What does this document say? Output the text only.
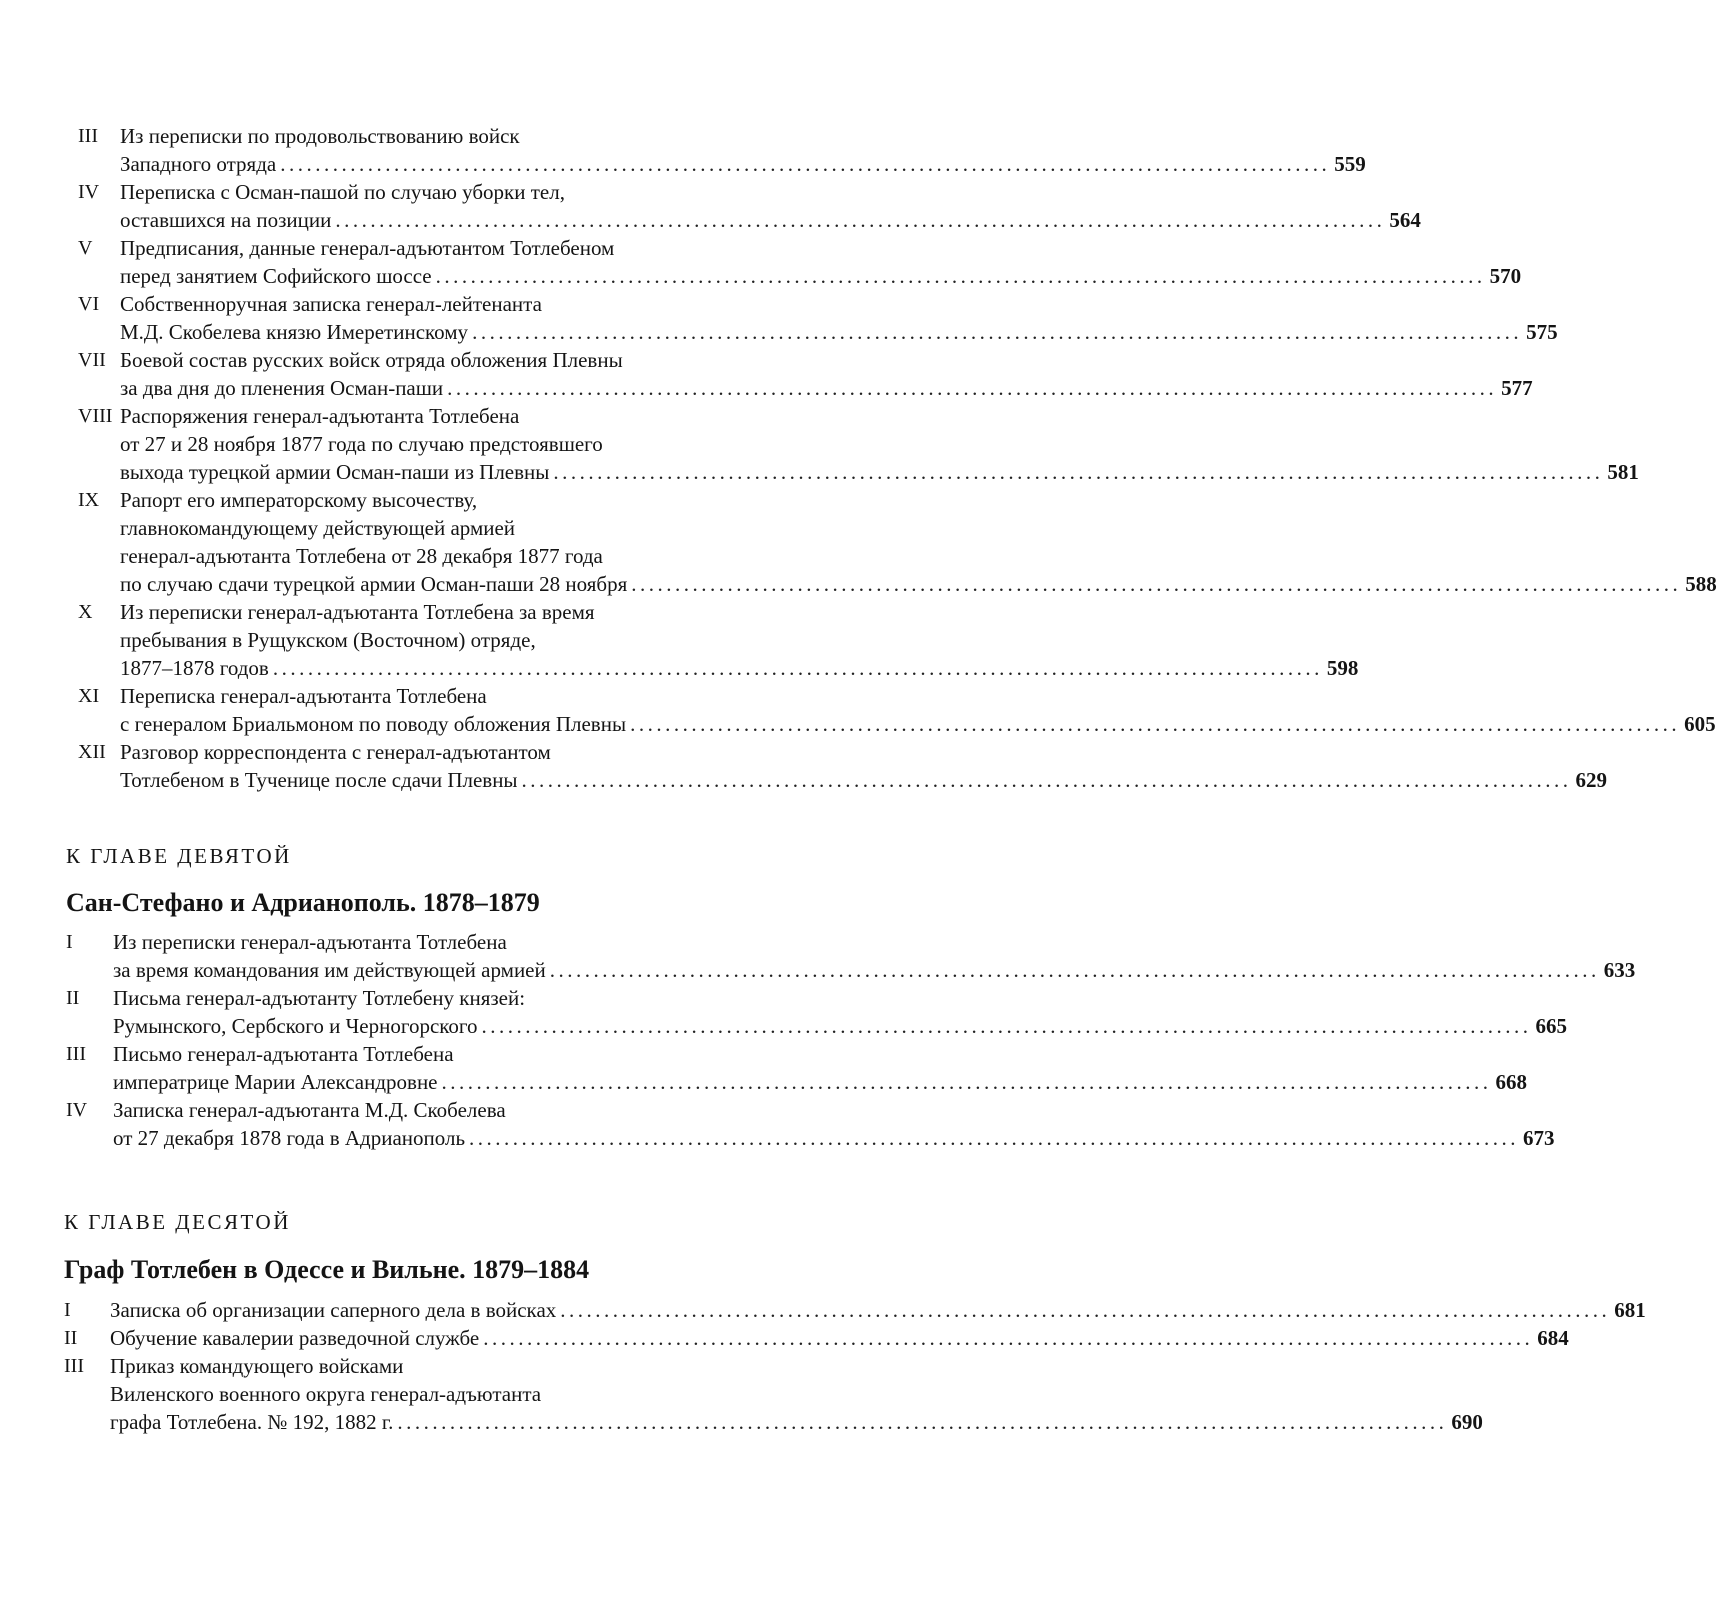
III Из переписки по продовольствованию войск
Западного отряда ........................................................................................................................ 559
IV Переписка с Осман-пашой по случаю уборки тел,
оставшихся на позиции ........................................................................................................................ 564
V Предписания, данные генерал-адъютантом Тотлебеном
перед занятием Софийского шоссе ........................................................................................................................ 570
VI Собственноручная записка генерал-лейтенанта
М.Д. Скобелева князю Имеретинскому ........................................................................................................................ 575
VII Боевой состав русских войск отряда обложения Плевны
за два дня до пленения Осман-паши ........................................................................................................................ 577
VIII Распоряжения генерал-адъютанта Тотлебена
от 27 и 28 ноября 1877 года по случаю предстоявшего
выхода турецкой армии Осман-паши из Плевны ........................................................................................................................ 581
IX Рапорт его императорскому высочеству,
главнокомандующему действующей армией
генерал-адъютанта Тотлебена от 28 декабря 1877 года
по случаю сдачи турецкой армии Осман-паши 28 ноября ........................................................................................................................ 588
X Из переписки генерал-адъютанта Тотлебена за время
пребывания в Рущукском (Восточном) отряде,
1877–1878 годов ........................................................................................................................ 598
XI Переписка генерал-адъютанта Тотлебена
с генералом Бриальмоном по поводу обложения Плевны ........................................................................................................................ 605
XII Разговор корреспондента с генерал-адъютантом
Тотлебеном в Тученице после сдачи Плевны ........................................................................................................................ 629
К ГЛАВЕ ДЕВЯТОЙ
Сан-Стефано и Адрианополь. 1878–1879
I Из переписки генерал-адъютанта Тотлебена
за время командования им действующей армией ........................................................................................................................ 633
II Письма генерал-адъютанту Тотлебену князей:
Румынского, Сербского и Черногорского ........................................................................................................................ 665
III Письмо генерал-адъютанта Тотлебена
императрице Марии Александровне ........................................................................................................................ 668
IV Записка генерал-адъютанта М.Д. Скобелева
от 27 декабря 1878 года в Адрианополь ........................................................................................................................ 673
К ГЛАВЕ ДЕСЯТОЙ
Граф Тотлебен в Одессе и Вильне. 1879–1884
I Записка об организации саперного дела в войсках ........................................................................................................................ 681
II Обучение кавалерии разведочной службе ........................................................................................................................ 684
III Приказ командующего войсками
Виленского военного округа генерал-адъютанта
графа Тотлебена. № 192, 1882 г. ........................................................................................................................ 690
